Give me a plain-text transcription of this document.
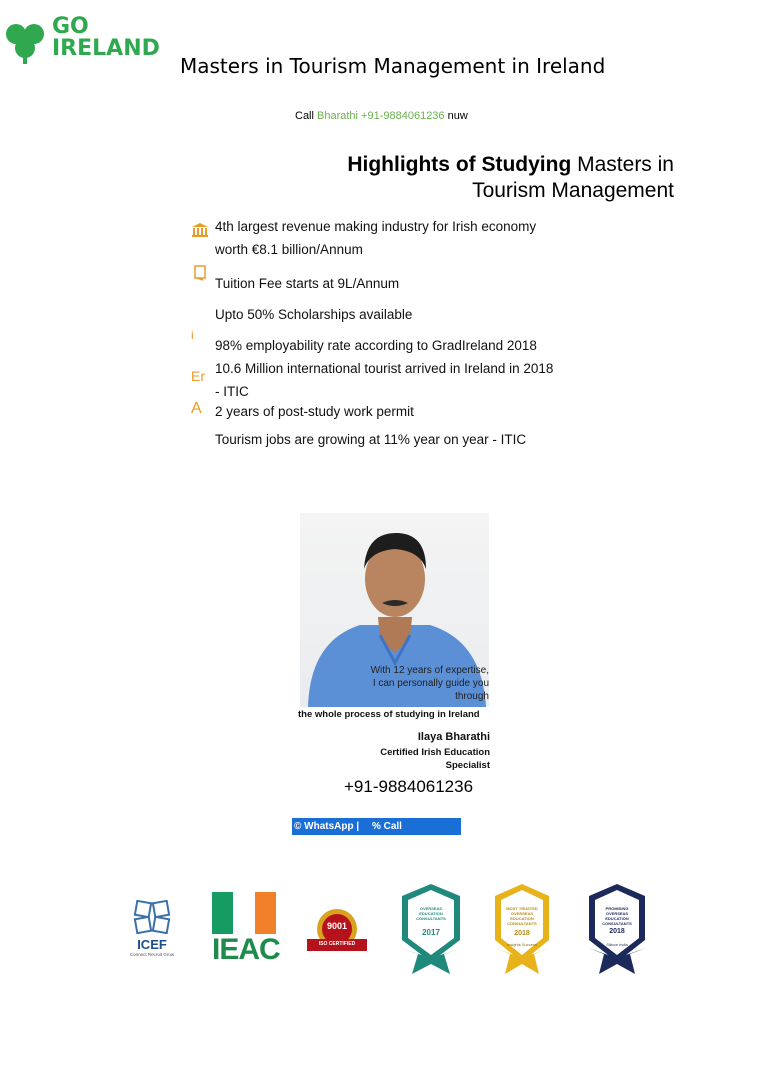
GO
IRELAND
Masters in Tourism Management in Ireland
Call Bharathi +91-9884061236 nuw
Highlights of Studying Masters in
Tourism Management
i
Er
A
4th largest revenue making industry for Irish economy
worth €8.1 billion/Annum
Tuition Fee starts at 9L/Annum
Upto 50% Scholarships available
98% employability rate according to GradIreland 2018
10.6 Million international tourist arrived in Ireland in 2018
- ITIC
2 years of post-study work permit
Tourism jobs are growing at 11% year on year - ITIC
With 12 years of expertise,
I can personally guide you through
the whole process of studying in Ireland
Ilaya Bharathi
Certified Irish Education
Specialist
+91-9884061236
© WhatsApp | % Call
ICEF
Connect Recruit Grow IEAC
9001
ISO CERTIFIED
OVERSEAS EDUCATION CONSULTANTS
2017
MOST TRUSTED OVERSEAS EDUCATION CONSULTANTS
2018
Insights Success
PROMISING OVERSEAS EDUCATION CONSULTANTS
2018
Silicon India
